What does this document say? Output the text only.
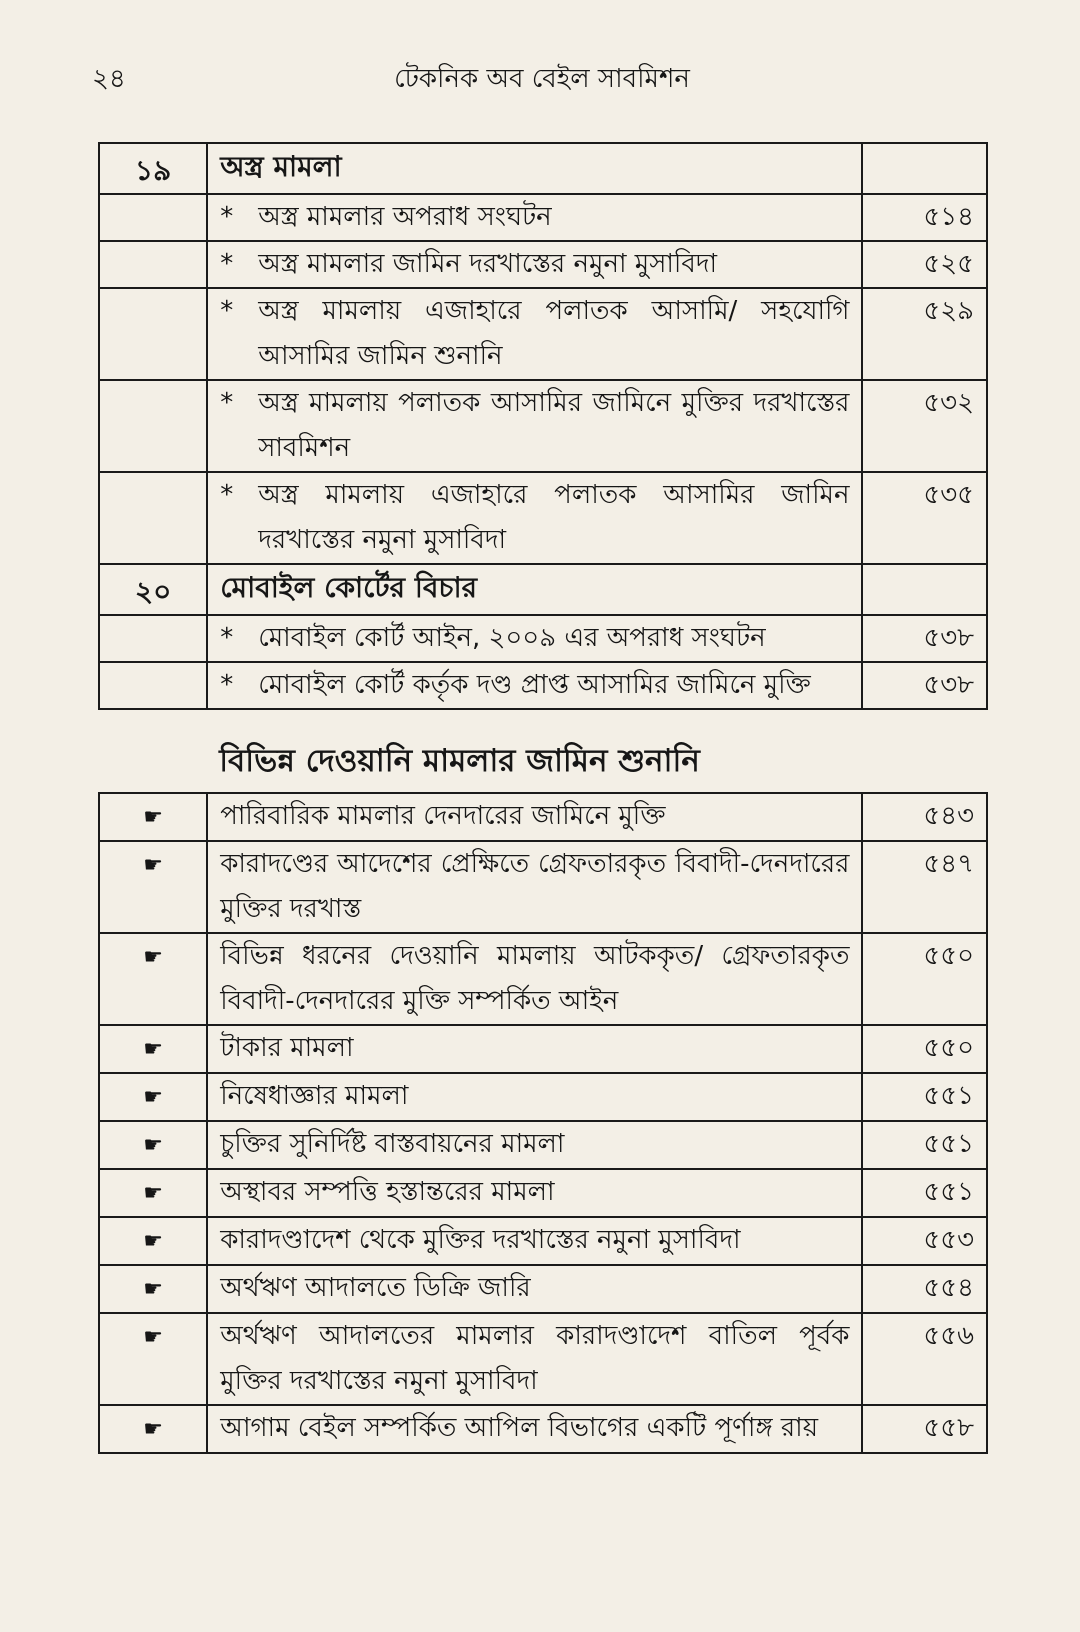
২৪	টেকনিক অব বেইল সাবমিশন
১৯	অস্ত্র মামলা	
	* অস্ত্র মামলার অপরাধ সংঘটন	৫১৪
	* অস্ত্র মামলার জামিন দরখাস্তের নমুনা মুসাবিদা	৫২৫

	* অস্ত্র মামলায় এজাহারে পলাতক আসামি/ সহযোগি আসামির জামিন শুনানি	৫২৯

	* অস্ত্র মামলায় পলাতক আসামির জামিনে মুক্তির দরখাস্তের সাবমিশন	৫৩২

	* অস্ত্র মামলায় এজাহারে পলাতক আসামির জামিন দরখাস্তের নমুনা মুসাবিদা	৫৩৫
২০	মোবাইল কোর্টের বিচার	
	* মোবাইল কোর্ট আইন, ২০০৯ এর অপরাধ সংঘটন	৫৩৮
	* মোবাইল কোর্ট কর্তৃক দণ্ড প্রাপ্ত আসামির জামিনে মুক্তি	৫৩৮
	বিভিন্ন দেওয়ানি মামলার জামিন শুনানি	
☛	পারিবারিক মামলার দেনদারের জামিনে মুক্তি	৫৪৩
☛	কারাদণ্ডের আদেশের প্রেক্ষিতে গ্রেফতারকৃত বিবাদী-দেনদারের মুক্তির দরখাস্ত	৫৪৭
☛	বিভিন্ন ধরনের দেওয়ানি মামলায় আটককৃত/ গ্রেফতারকৃত বিবাদী-দেনদারের মুক্তি সম্পর্কিত আইন	৫৫০
☛	টাকার মামলা	৫৫০
☛	নিষেধাজ্ঞার মামলা	৫৫১
☛	চুক্তির সুনির্দিষ্ট বাস্তবায়নের মামলা	৫৫১
☛	অস্থাবর সম্পত্তি হস্তান্তরের মামলা	৫৫১
☛	কারাদণ্ডাদেশ থেকে মুক্তির দরখাস্তের নমুনা মুসাবিদা	৫৫৩
☛	অর্থঋণ আদালতে ডিক্রি জারি	৫৫৪
☛	অর্থঋণ আদালতের মামলার কারাদণ্ডাদেশ বাতিল পূর্বক মুক্তির দরখাস্তের নমুনা মুসাবিদা	৫৫৬
☛	আগাম বেইল সম্পর্কিত আপিল বিভাগের একটি পূর্ণাঙ্গ রায়	৫৫৮
